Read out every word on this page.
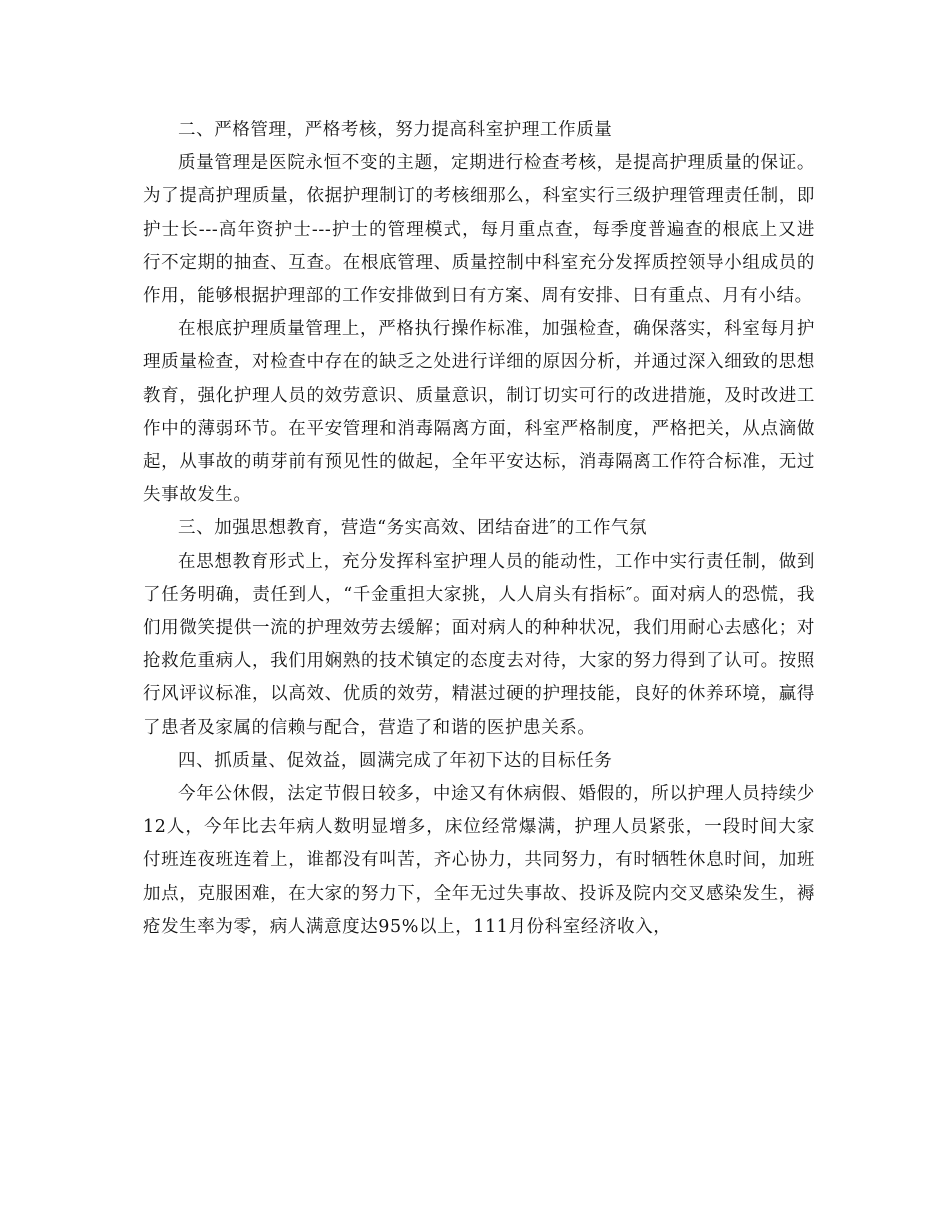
二、严格管理，严格考核，努力提高科室护理工作质量

质量管理是医院永恒不变的主题，定期进行检查考核，是提高护理质量的保证。为了提高护理质量，依据护理制订的考核细那么，科室实行三级护理管理责任制，即护士长---高年资护士---护士的管理模式，每月重点查，每季度普遍查的根底上又进行不定期的抽查、互查。在根底管理、质量控制中科室充分发挥质控领导小组成员的作用，能够根据护理部的工作安排做到日有方案、周有安排、日有重点、月有小结。

在根底护理质量管理上，严格执行操作标准，加强检查，确保落实，科室每月护理质量检查，对检查中存在的缺乏之处进行详细的原因分析，并通过深入细致的思想教育，强化护理人员的效劳意识、质量意识，制订切实可行的改进措施，及时改进工作中的薄弱环节。在平安管理和消毒隔离方面，科室严格制度，严格把关，从点滴做起，从事故的萌芽前有预见性的做起，全年平安达标，消毒隔离工作符合标准，无过失事故发生。

三、加强思想教育，营造“务实高效、团结奋进″的工作气氛

在思想教育形式上，充分发挥科室护理人员的能动性，工作中实行责任制，做到了任务明确，责任到人，“千金重担大家挑，人人肩头有指标″。面对病人的恐慌，我们用微笑提供一流的护理效劳去缓解；面对病人的种种状况，我们用耐心去感化；对抢救危重病人，我们用娴熟的技术镇定的态度去对待，大家的努力得到了认可。按照行风评议标准，以高效、优质的效劳，精湛过硬的护理技能，良好的休养环境，赢得了患者及家属的信赖与配合，营造了和谐的医护患关系。

四、抓质量、促效益，圆满完成了年初下达的目标任务

今年公休假，法定节假日较多，中途又有休病假、婚假的，所以护理人员持续少12人，今年比去年病人数明显增多，床位经常爆满，护理人员紧张，一段时间大家付班连夜班连着上，谁都没有叫苦，齐心协力，共同努力，有时牺牲休息时间，加班加点，克服困难，在大家的努力下，全年无过失事故、投诉及院内交叉感染发生，褥疮发生率为零，病人满意度达95%以上，111月份科室经济收入，
